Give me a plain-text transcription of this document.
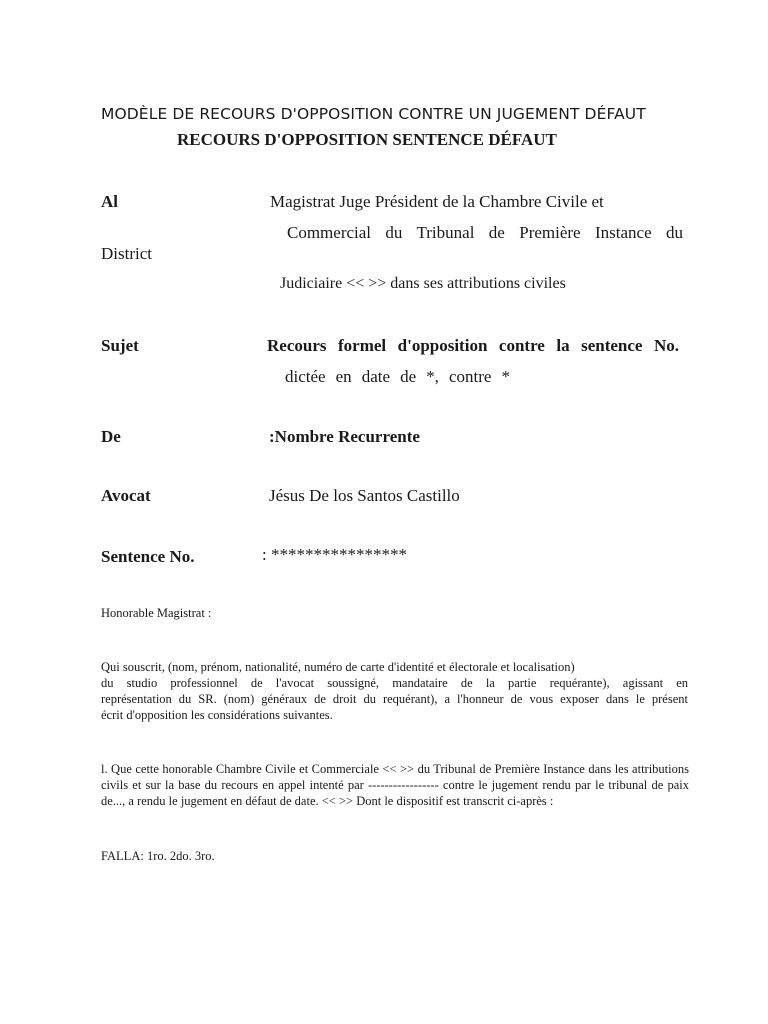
MODÈLE DE RECOURS D'OPPOSITION CONTRE UN JUGEMENT DÉFAUT
RECOURS D'OPPOSITION SENTENCE DÉFAUT
Al	Magistrat Juge Président de la Chambre Civile et
Commercial du Tribunal de Première Instance du
District
Judiciaire << >> dans ses attributions civiles
Sujet	Recours formel d'opposition contre la sentence No.
dictée en date de *, contre *
De	:Nombre Recurrente
Avocat	Jésus De los Santos Castillo
Sentence No.	: ****************
Honorable Magistrat :
Qui souscrit, (nom, prénom, nationalité, numéro de carte d'identité et électorale et localisation)
du studio professionnel de l'avocat soussigné, mandataire de la partie requérante), agissant en
représentation du SR. (nom) généraux de droit du requérant), a l'honneur de vous exposer dans le présent
écrit d'opposition les considérations suivantes.
l. Que cette honorable Chambre Civile et Commerciale << >> du Tribunal de Première Instance dans les attributions
civils et sur la base du recours en appel intenté par ----------------- contre le jugement rendu par le tribunal de paix
de..., a rendu le jugement en défaut de date. << >> Dont le dispositif est transcrit ci-après :
FALLA: 1ro. 2do. 3ro.
